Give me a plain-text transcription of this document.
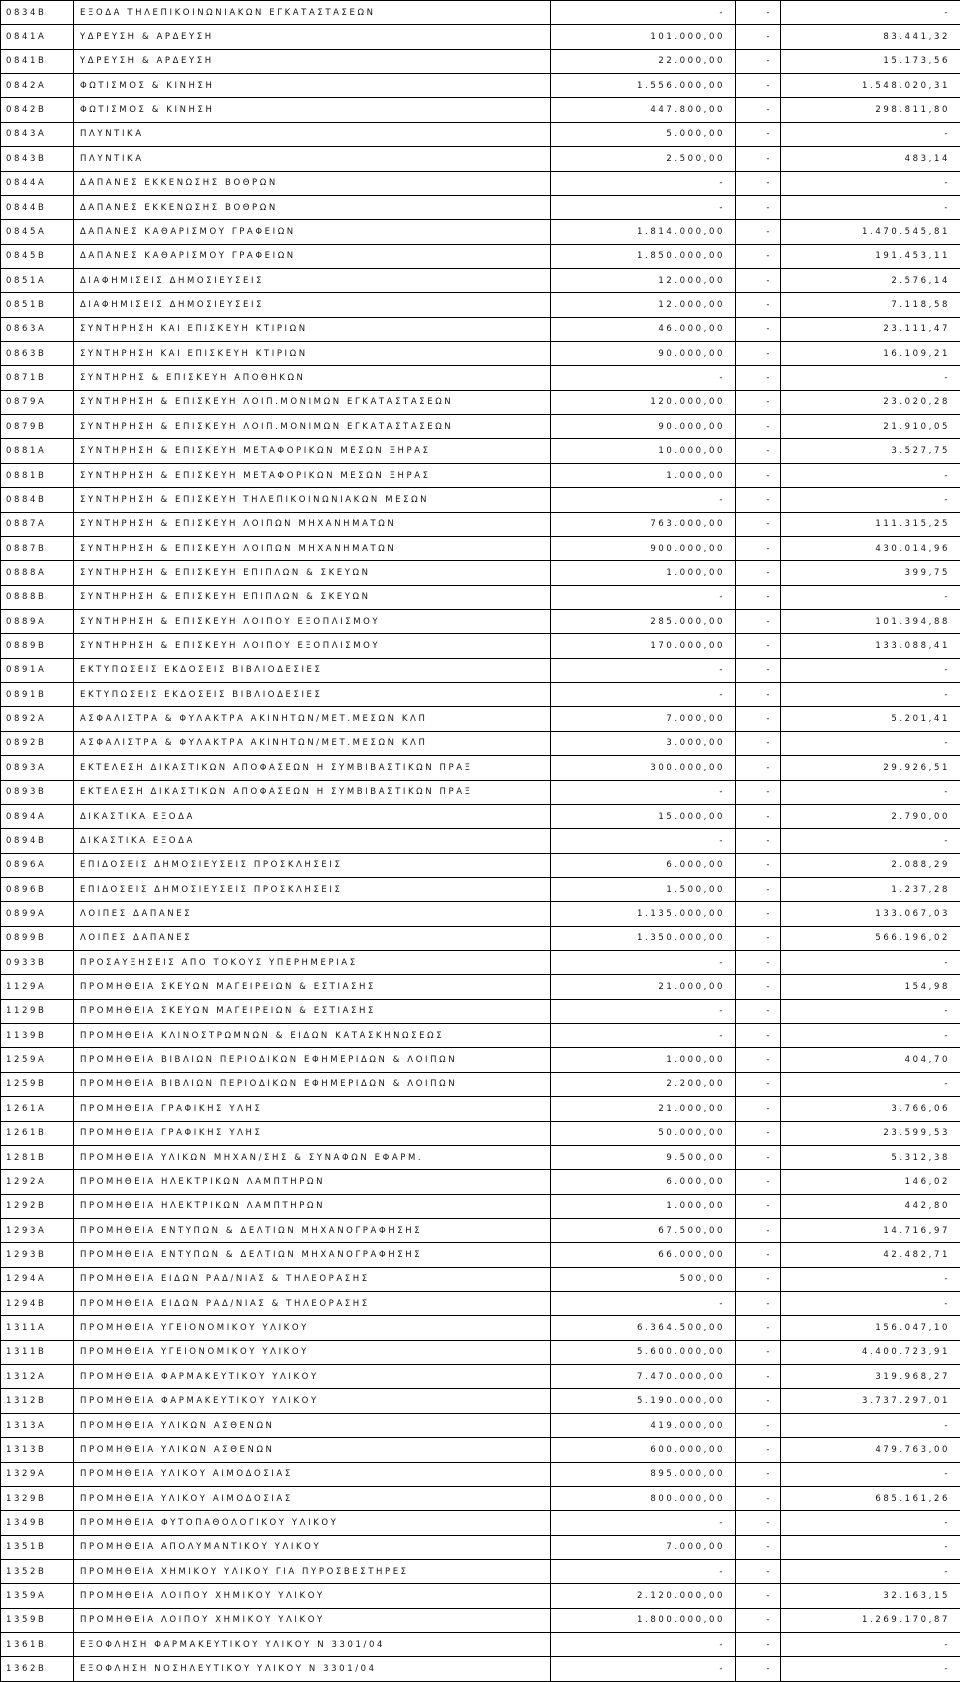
0834B	ΕΞΟΔΑ ΤΗΛΕΠΙΚΟΙΝΩΝΙΑΚΩΝ ΕΓΚΑΤΑΣΤΑΣΕΩΝ	-	-	-
0841A	ΥΔΡΕΥΣΗ & ΑΡΔΕΥΣΗ	101.000,00	-	83.441,32
0841B	ΥΔΡΕΥΣΗ & ΑΡΔΕΥΣΗ	22.000,00	-	15.173,56
0842A	ΦΩΤΙΣΜΟΣ & ΚΙΝΗΣΗ	1.556.000,00	-	1.548.020,31
0842B	ΦΩΤΙΣΜΟΣ & ΚΙΝΗΣΗ	447.800,00	-	298.811,80
0843A	ΠΛΥΝΤΙΚΑ	5.000,00	-	-
0843B	ΠΛΥΝΤΙΚΑ	2.500,00	-	483,14
0844A	ΔΑΠΑΝΕΣ ΕΚΚΕΝΩΣΗΣ ΒΟΘΡΩΝ	-	-	-
0844B	ΔΑΠΑΝΕΣ ΕΚΚΕΝΩΣΗΣ ΒΟΘΡΩΝ	-	-	-
0845A	ΔΑΠΑΝΕΣ ΚΑΘΑΡΙΣΜΟΥ ΓΡΑΦΕΙΩΝ	1.814.000,00	-	1.470.545,81
0845B	ΔΑΠΑΝΕΣ ΚΑΘΑΡΙΣΜΟΥ ΓΡΑΦΕΙΩΝ	1.850.000,00	-	191.453,11
0851A	ΔΙΑΦΗΜΙΣΕΙΣ ΔΗΜΟΣΙΕΥΣΕΙΣ	12.000,00	-	2.576,14
0851B	ΔΙΑΦΗΜΙΣΕΙΣ ΔΗΜΟΣΙΕΥΣΕΙΣ	12.000,00	-	7.118,58
0863A	ΣΥΝΤΗΡΗΣΗ ΚΑΙ ΕΠΙΣΚΕΥΗ ΚΤΙΡΙΩΝ	46.000,00	-	23.111,47
0863B	ΣΥΝΤΗΡΗΣΗ ΚΑΙ ΕΠΙΣΚΕΥΗ ΚΤΙΡΙΩΝ	90.000,00	-	16.109,21
0871B	ΣΥΝΤΗΡΗΣ & ΕΠΙΣΚΕΥΗ ΑΠΟΘΗΚΩΝ	-	-	-
0879A	ΣΥΝΤΗΡΗΣΗ & ΕΠΙΣΚΕΥΗ ΛΟΙΠ.ΜΟΝΙΜΩΝ ΕΓΚΑΤΑΣΤΑΣΕΩΝ	120.000,00	-	23.020,28
0879B	ΣΥΝΤΗΡΗΣΗ & ΕΠΙΣΚΕΥΗ ΛΟΙΠ.ΜΟΝΙΜΩΝ ΕΓΚΑΤΑΣΤΑΣΕΩΝ	90.000,00	-	21.910,05
0881A	ΣΥΝΤΗΡΗΣΗ & ΕΠΙΣΚΕΥΗ ΜΕΤΑΦΟΡΙΚΩΝ ΜΕΣΩΝ ΞΗΡΑΣ	10.000,00	-	3.527,75
0881B	ΣΥΝΤΗΡΗΣΗ & ΕΠΙΣΚΕΥΗ ΜΕΤΑΦΟΡΙΚΩΝ ΜΕΣΩΝ ΞΗΡΑΣ	1.000,00	-	-
0884B	ΣΥΝΤΗΡΗΣΗ & ΕΠΙΣΚΕΥΗ ΤΗΛΕΠΙΚΟΙΝΩΝΙΑΚΩΝ ΜΕΣΩΝ	-	-	-
0887A	ΣΥΝΤΗΡΗΣΗ & ΕΠΙΣΚΕΥΗ ΛΟΙΠΩΝ ΜΗΧΑΝΗΜΑΤΩΝ	763.000,00	-	111.315,25
0887B	ΣΥΝΤΗΡΗΣΗ & ΕΠΙΣΚΕΥΗ ΛΟΙΠΩΝ ΜΗΧΑΝΗΜΑΤΩΝ	900.000,00	-	430.014,96
0888A	ΣΥΝΤΗΡΗΣΗ & ΕΠΙΣΚΕΥΗ ΕΠΙΠΛΩΝ & ΣΚΕΥΩΝ	1.000,00	-	399,75
0888B	ΣΥΝΤΗΡΗΣΗ & ΕΠΙΣΚΕΥΗ ΕΠΙΠΛΩΝ & ΣΚΕΥΩΝ	-	-	-
0889A	ΣΥΝΤΗΡΗΣΗ & ΕΠΙΣΚΕΥΗ ΛΟΙΠΟΥ ΕΞΟΠΛΙΣΜΟΥ	285.000,00	-	101.394,88
0889B	ΣΥΝΤΗΡΗΣΗ & ΕΠΙΣΚΕΥΗ ΛΟΙΠΟΥ ΕΞΟΠΛΙΣΜΟΥ	170.000,00	-	133.088,41
0891A	ΕΚΤΥΠΩΣΕΙΣ ΕΚΔΟΣΕΙΣ ΒΙΒΛΙΟΔΕΣΙΕΣ	-	-	-
0891B	ΕΚΤΥΠΩΣΕΙΣ ΕΚΔΟΣΕΙΣ ΒΙΒΛΙΟΔΕΣΙΕΣ	-	-	-
0892A	ΑΣΦΑΛΙΣΤΡΑ & ΦΥΛΑΚΤΡΑ ΑΚΙΝΗΤΩΝ/ΜΕΤ.ΜΕΣΩΝ ΚΛΠ	7.000,00	-	5.201,41
0892B	ΑΣΦΑΛΙΣΤΡΑ & ΦΥΛΑΚΤΡΑ ΑΚΙΝΗΤΩΝ/ΜΕΤ.ΜΕΣΩΝ ΚΛΠ	3.000,00	-	-
0893A	ΕΚΤΕΛΕΣΗ ΔΙΚΑΣΤΙΚΩΝ ΑΠΟΦΑΣΕΩΝ Η ΣΥΜΒΙΒΑΣΤΙΚΩΝ ΠΡΑΞ	300.000,00	-	29.926,51
0893B	ΕΚΤΕΛΕΣΗ ΔΙΚΑΣΤΙΚΩΝ ΑΠΟΦΑΣΕΩΝ Η ΣΥΜΒΙΒΑΣΤΙΚΩΝ ΠΡΑΞ	-	-	-
0894A	ΔΙΚΑΣΤΙΚΑ ΕΞΟΔΑ	15.000,00	-	2.790,00
0894B	ΔΙΚΑΣΤΙΚΑ ΕΞΟΔΑ	-	-	-
0896A	ΕΠΙΔΟΣΕΙΣ ΔΗΜΟΣΙΕΥΣΕΙΣ ΠΡΟΣΚΛΗΣΕΙΣ	6.000,00	-	2.088,29
0896B	ΕΠΙΔΟΣΕΙΣ ΔΗΜΟΣΙΕΥΣΕΙΣ ΠΡΟΣΚΛΗΣΕΙΣ	1.500,00	-	1.237,28
0899A	ΛΟΙΠΕΣ ΔΑΠΑΝΕΣ	1.135.000,00	-	133.067,03
0899B	ΛΟΙΠΕΣ ΔΑΠΑΝΕΣ	1.350.000,00	-	566.196,02
0933B	ΠΡΟΣΑΥΞΗΣΕΙΣ ΑΠΟ ΤΟΚΟΥΣ ΥΠΕΡΗΜΕΡΙΑΣ	-	-	-
1129A	ΠΡΟΜΗΘΕΙΑ ΣΚΕΥΩΝ ΜΑΓΕΙΡΕΙΩΝ & ΕΣΤΙΑΣΗΣ	21.000,00	-	154,98
1129B	ΠΡΟΜΗΘΕΙΑ ΣΚΕΥΩΝ ΜΑΓΕΙΡΕΙΩΝ & ΕΣΤΙΑΣΗΣ	-	-	-
1139B	ΠΡΟΜΗΘΕΙΑ ΚΛΙΝΟΣΤΡΩΜΝΩΝ & ΕΙΔΩΝ ΚΑΤΑΣΚΗΝΩΣΕΩΣ	-	-	-
1259A	ΠΡΟΜΗΘΕΙΑ ΒΙΒΛΙΩΝ ΠΕΡΙΟΔΙΚΩΝ ΕΦΗΜΕΡΙΔΩΝ & ΛΟΙΠΩΝ	1.000,00	-	404,70
1259B	ΠΡΟΜΗΘΕΙΑ ΒΙΒΛΙΩΝ ΠΕΡΙΟΔΙΚΩΝ ΕΦΗΜΕΡΙΔΩΝ & ΛΟΙΠΩΝ	2.200,00	-	-
1261A	ΠΡΟΜΗΘΕΙΑ ΓΡΑΦΙΚΗΣ ΥΛΗΣ	21.000,00	-	3.766,06
1261B	ΠΡΟΜΗΘΕΙΑ ΓΡΑΦΙΚΗΣ ΥΛΗΣ	50.000,00	-	23.599,53
1281B	ΠΡΟΜΗΘΕΙΑ ΥΛΙΚΩΝ ΜΗΧΑΝ/ΣΗΣ & ΣΥΝΑΦΩΝ ΕΦΑΡΜ.	9.500,00	-	5.312,38
1292A	ΠΡΟΜΗΘΕΙΑ ΗΛΕΚΤΡΙΚΩΝ ΛΑΜΠΤΗΡΩΝ	6.000,00	-	146,02
1292B	ΠΡΟΜΗΘΕΙΑ ΗΛΕΚΤΡΙΚΩΝ ΛΑΜΠΤΗΡΩΝ	1.000,00	-	442,80
1293A	ΠΡΟΜΗΘΕΙΑ ΕΝΤΥΠΩΝ & ΔΕΛΤΙΩΝ ΜΗΧΑΝΟΓΡΑΦΗΣΗΣ	67.500,00	-	14.716,97
1293B	ΠΡΟΜΗΘΕΙΑ ΕΝΤΥΠΩΝ & ΔΕΛΤΙΩΝ ΜΗΧΑΝΟΓΡΑΦΗΣΗΣ	66.000,00	-	42.482,71
1294A	ΠΡΟΜΗΘΕΙΑ ΕΙΔΩΝ ΡΑΔ/ΝΙΑΣ & ΤΗΛΕΟΡΑΣΗΣ	500,00	-	-
1294B	ΠΡΟΜΗΘΕΙΑ ΕΙΔΩΝ ΡΑΔ/ΝΙΑΣ & ΤΗΛΕΟΡΑΣΗΣ	-	-	-
1311A	ΠΡΟΜΗΘΕΙΑ ΥΓΕΙΟΝΟΜΙΚΟΥ ΥΛΙΚΟΥ	6.364.500,00	-	156.047,10
1311B	ΠΡΟΜΗΘΕΙΑ ΥΓΕΙΟΝΟΜΙΚΟΥ ΥΛΙΚΟΥ	5.600.000,00	-	4.400.723,91
1312A	ΠΡΟΜΗΘΕΙΑ ΦΑΡΜΑΚΕΥΤΙΚΟΥ ΥΛΙΚΟΥ	7.470.000,00	-	319.968,27
1312B	ΠΡΟΜΗΘΕΙΑ ΦΑΡΜΑΚΕΥΤΙΚΟΥ ΥΛΙΚΟΥ	5.190.000,00	-	3.737.297,01
1313A	ΠΡΟΜΗΘΕΙΑ ΥΛΙΚΩΝ ΑΣΘΕΝΩΝ	419.000,00	-	-
1313B	ΠΡΟΜΗΘΕΙΑ ΥΛΙΚΩΝ ΑΣΘΕΝΩΝ	600.000,00	-	479.763,00
1329A	ΠΡΟΜΗΘΕΙΑ ΥΛΙΚΟΥ ΑΙΜΟΔΟΣΙΑΣ	895.000,00	-	-
1329B	ΠΡΟΜΗΘΕΙΑ ΥΛΙΚΟΥ ΑΙΜΟΔΟΣΙΑΣ	800.000,00	-	685.161,26
1349B	ΠΡΟΜΗΘΕΙΑ ΦΥΤΟΠΑΘΟΛΟΓΙΚΟΥ ΥΛΙΚΟΥ	-	-	-
1351B	ΠΡΟΜΗΘΕΙΑ ΑΠΟΛΥΜΑΝΤΙΚΟΥ ΥΛΙΚΟΥ	7.000,00	-	-
1352B	ΠΡΟΜΗΘΕΙΑ ΧΗΜΙΚΟΥ ΥΛΙΚΟΥ ΓΙΑ ΠΥΡΟΣΒΕΣΤΗΡΕΣ	-	-	-
1359A	ΠΡΟΜΗΘΕΙΑ ΛΟΙΠΟΥ ΧΗΜΙΚΟΥ ΥΛΙΚΟΥ	2.120.000,00	-	32.163,15
1359B	ΠΡΟΜΗΘΕΙΑ ΛΟΙΠΟΥ ΧΗΜΙΚΟΥ ΥΛΙΚΟΥ	1.800.000,00	-	1.269.170,87
1361B	ΕΞΟΦΛΗΣΗ ΦΑΡΜΑΚΕΥΤΙΚΟΥ ΥΛΙΚΟΥ Ν 3301/04	-	-	-
1362B	ΕΞΟΦΛΗΣΗ ΝΟΣΗΛΕΥΤΙΚΟΥ ΥΛΙΚΟΥ Ν 3301/04	-	-	-
